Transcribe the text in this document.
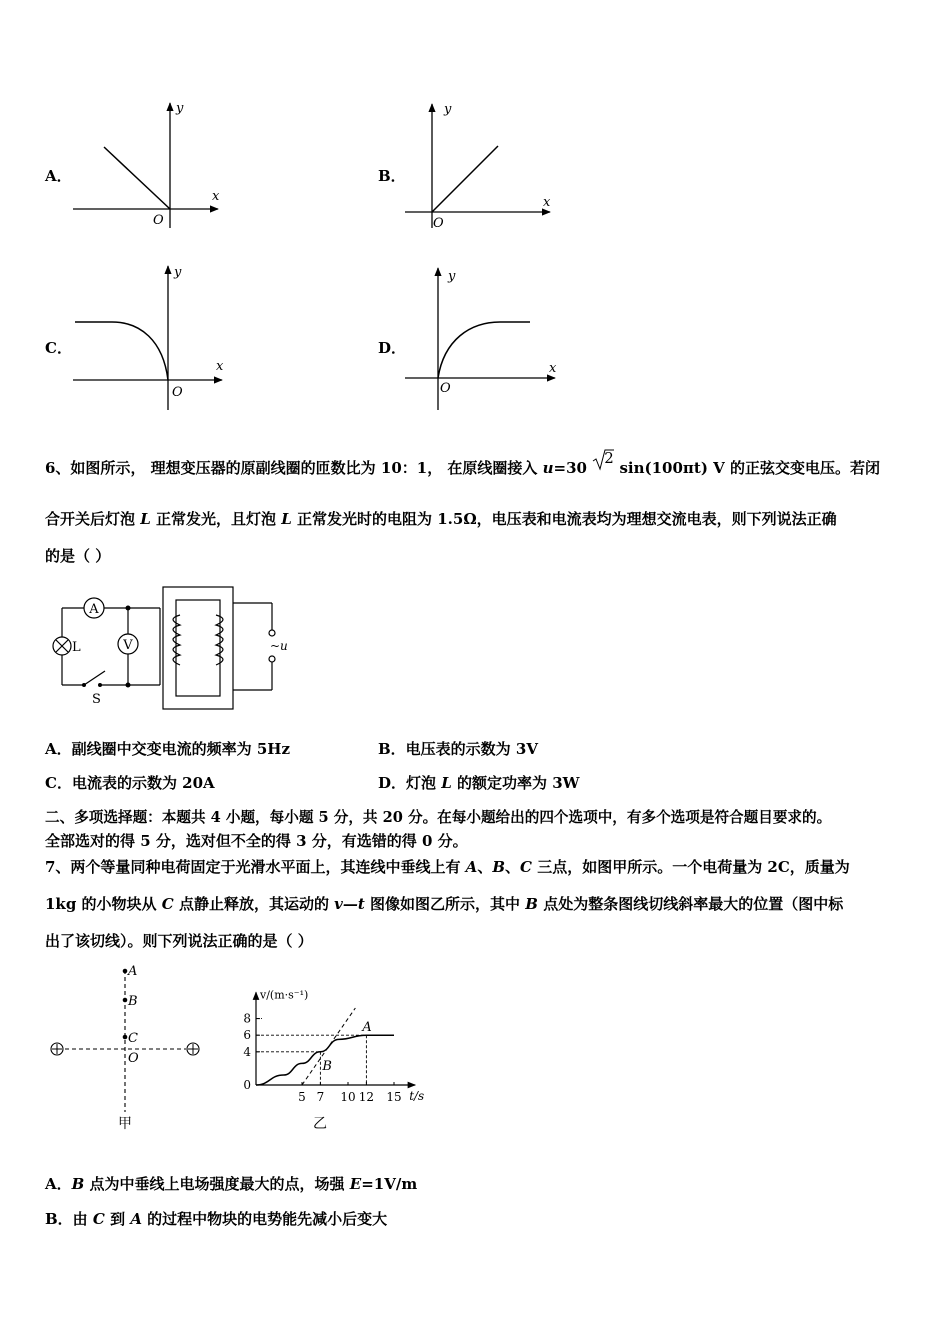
A．
y
x
O
y
x
O
y
x
O
y
x
O
B．
C．	D．
6、如图所示， 理想变压器的原副线圈的匝数比为 10：1， 在原线圈接入 u=30
2
sin(100πt) V 的正弦交变电压。若闭
合开关后灯泡 L 正常发光，且灯泡 L 正常发光时的电阻为 1.5Ω，电压表和电流表均为理想交流电表，则下列说法正确
的是（ ）
A
V
L
S
~u
A．副线圈中交变电流的频率为 5Hz	B．电压表的示数为 3V
C．电流表的示数为 20A	D．灯泡 L 的额定功率为 3W
二、多项选择题：本题共 4 小题，每小题 5 分，共 20 分。在每小题给出的四个选项中，有多个选项是符合题目要求的。
全部选对的得 5 分，选对但不全的得 3 分，有选错的得 0 分。
7、两个等量同种电荷固定于光滑水平面上，其连线中垂线上有 A、B、C 三点，如图甲所示。一个电荷量为 2C，质量为
1kg 的小物块从 C 点静止释放，其运动的 v—t 图像如图乙所示，其中 B 点处为整条图线切线斜率最大的位置（图中标
出了该切线）。则下列说法正确的是（ ）
A
B
C
O
甲
v/(m·s⁻¹)
t/s
0
4
6
8
5 7 10 12 15
A
B
乙
A．B 点为中垂线上电场强度最大的点，场强 E=1V/m
B．由 C 到 A 的过程中物块的电势能先减小后变大
